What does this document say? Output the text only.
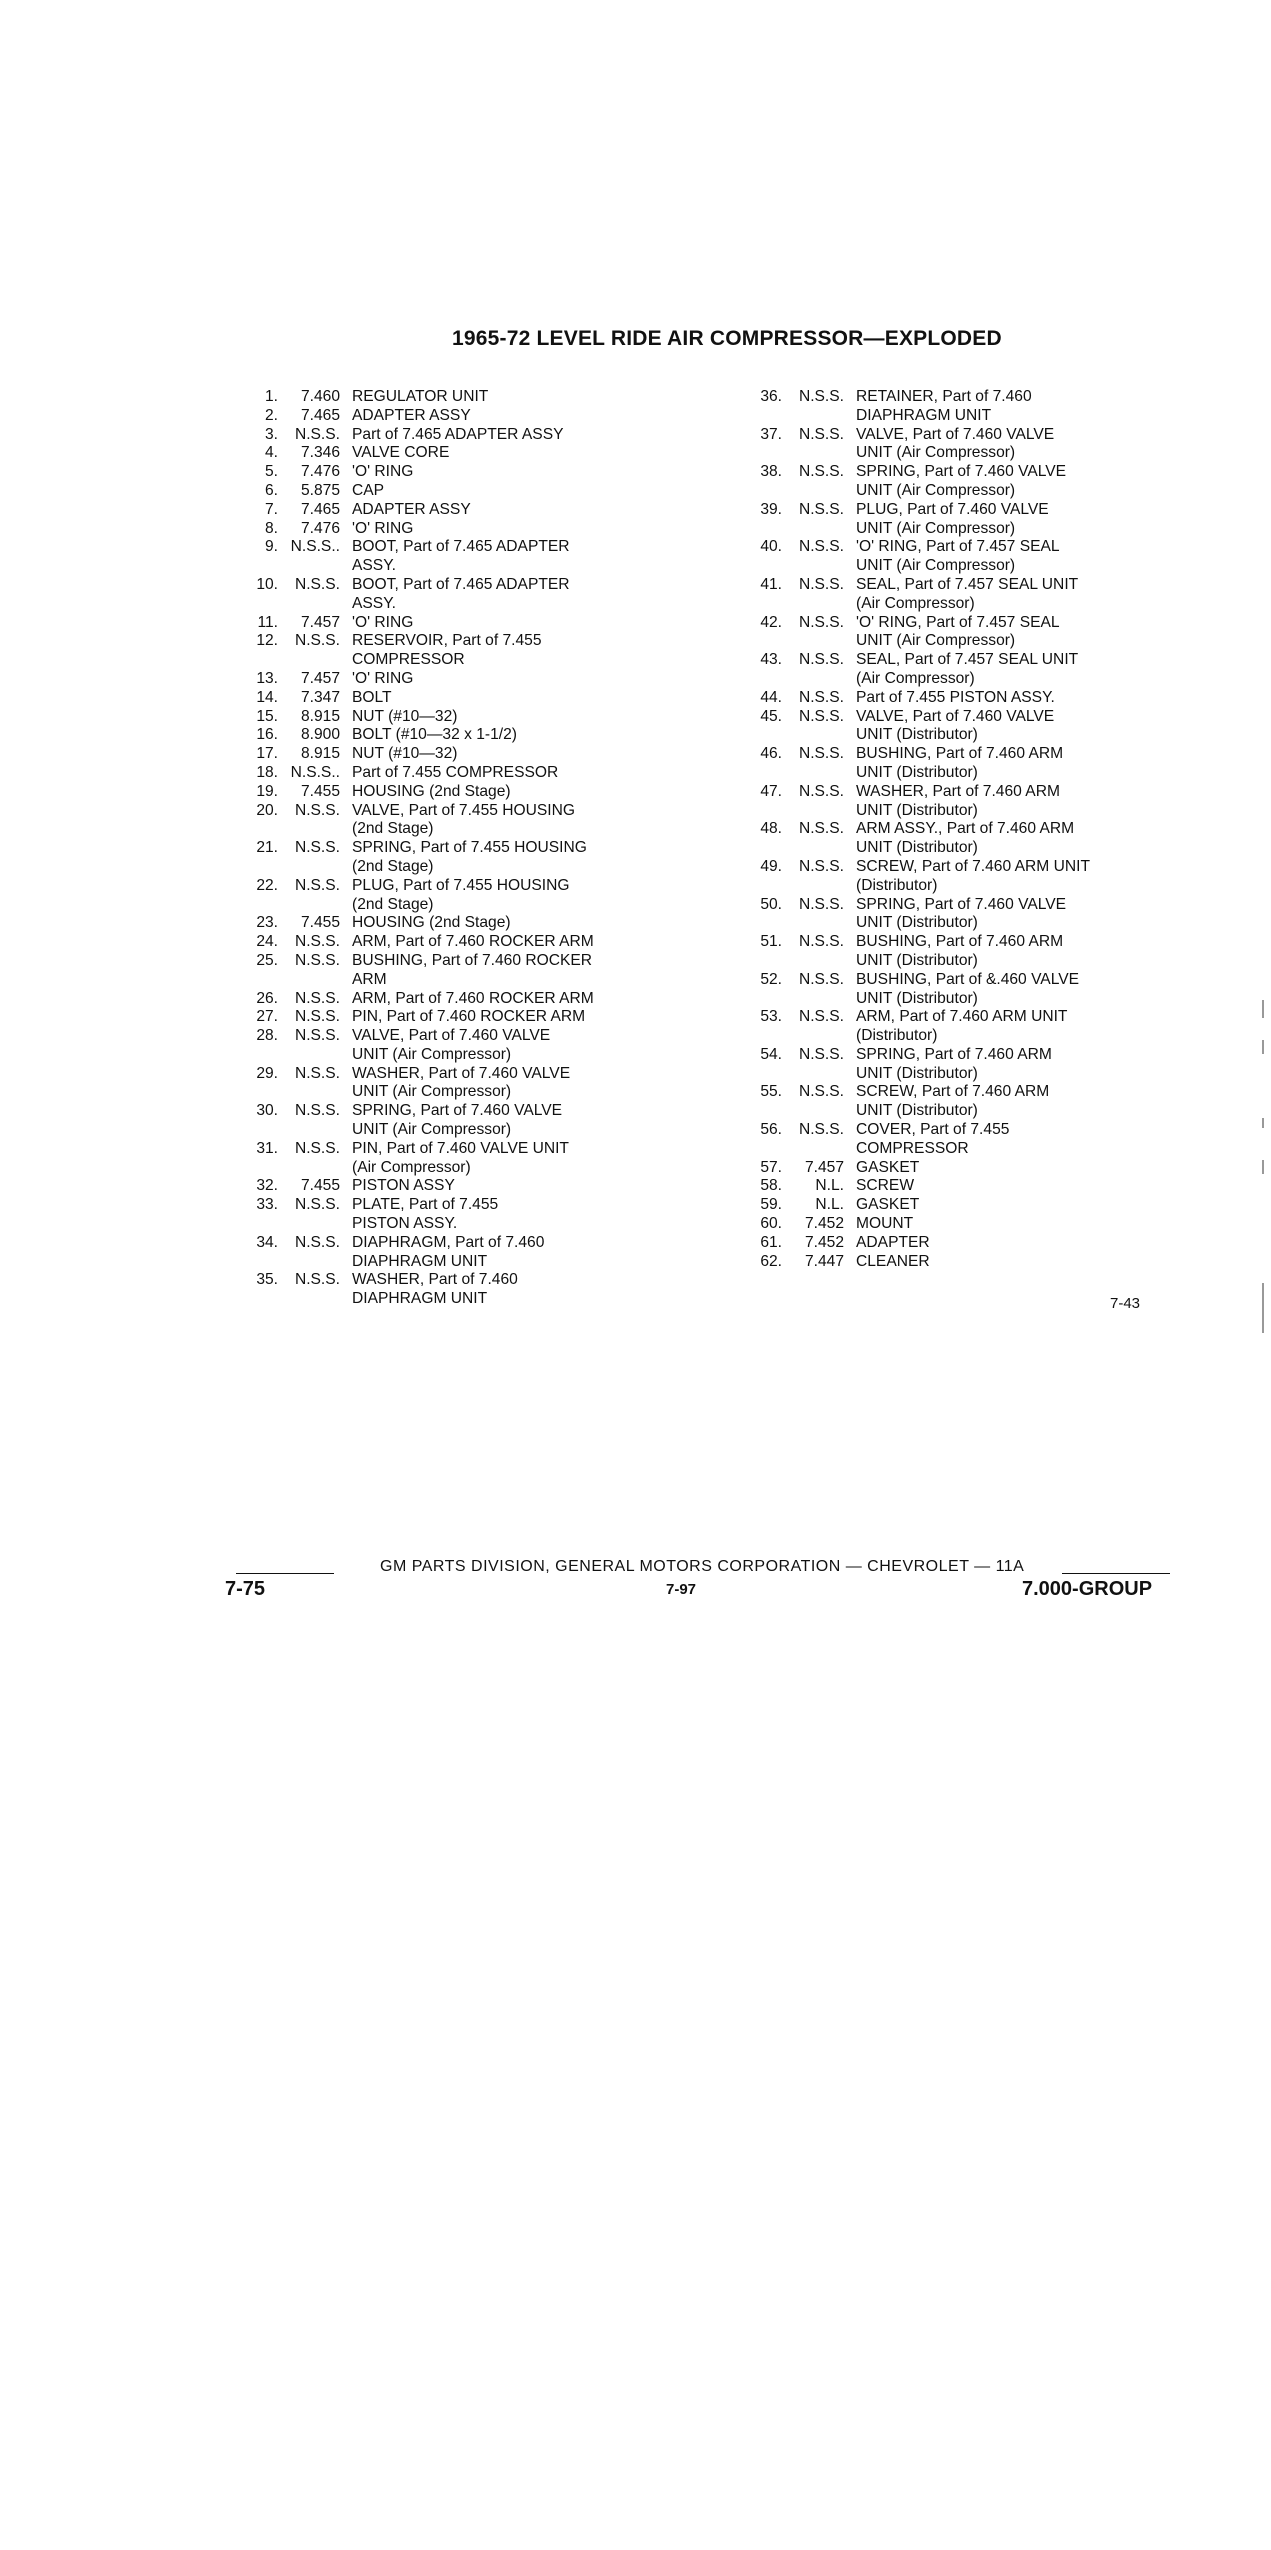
1965-72 LEVEL RIDE AIR COMPRESSOR—EXPLODED
1.	7.460 REGULATOR UNIT
2.	7.465 ADAPTER ASSY
3.	N.S.S. Part of 7.465 ADAPTER ASSY
4.	7.346 VALVE CORE
5.	7.476 'O' RING
6.	5.875 CAP
7.	7.465 ADAPTER ASSY
8.	7.476 'O' RING
9. N.S.S.. BOOT, Part of 7.465 ADAPTER
ASSY.
10.	N.S.S. BOOT, Part of 7.465 ADAPTER
ASSY.
11.	7.457 'O' RING
12.	N.S.S. RESERVOIR, Part of 7.455
COMPRESSOR
13.	7.457 'O' RING
14.	7.347 BOLT
15.	8.915 NUT (#10—32)
16.	8.900 BOLT (#10—32 x 1-1/2)
17.	8.915 NUT (#10—32)
18. N.S.S.. Part of 7.455 COMPRESSOR
19.	7.455 HOUSING (2nd Stage)
20.	N.S.S. VALVE, Part of 7.455 HOUSING
(2nd Stage)
21.	N.S.S. SPRING, Part of 7.455 HOUSING
(2nd Stage)
22.	N.S.S. PLUG, Part of 7.455 HOUSING
(2nd Stage)
23.	7.455 HOUSING (2nd Stage)
24.	N.S.S. ARM, Part of 7.460 ROCKER ARM
25.	N.S.S. BUSHING, Part of 7.460 ROCKER
ARM
26.	N.S.S. ARM, Part of 7.460 ROCKER ARM
27.	N.S.S. PIN, Part of 7.460 ROCKER ARM
28.	N.S.S. VALVE, Part of 7.460 VALVE
UNIT (Air Compressor)
29.	N.S.S. WASHER, Part of 7.460 VALVE
UNIT (Air Compressor)
30.	N.S.S. SPRING, Part of 7.460 VALVE
UNIT (Air Compressor)
31.	N.S.S. PIN, Part of 7.460 VALVE UNIT
(Air Compressor)
32.	7.455 PISTON ASSY
33.	N.S.S. PLATE, Part of 7.455
PISTON ASSY.
34.	N.S.S. DIAPHRAGM, Part of 7.460
DIAPHRAGM UNIT
35.	N.S.S. WASHER, Part of 7.460
DIAPHRAGM UNIT
36.	N.S.S. RETAINER, Part of 7.460
DIAPHRAGM UNIT
37.	N.S.S. VALVE, Part of 7.460 VALVE
UNIT (Air Compressor)
38.	N.S.S. SPRING, Part of 7.460 VALVE
UNIT (Air Compressor)
39.	N.S.S. PLUG, Part of 7.460 VALVE
UNIT (Air Compressor)
40.	N.S.S. 'O' RING, Part of 7.457 SEAL
UNIT (Air Compressor)
41.	N.S.S. SEAL, Part of 7.457 SEAL UNIT
(Air Compressor)
42.	N.S.S. 'O' RING, Part of 7.457 SEAL
UNIT (Air Compressor)
43.	N.S.S. SEAL, Part of 7.457 SEAL UNIT
(Air Compressor)
44.	N.S.S. Part of 7.455 PISTON ASSY.
45.	N.S.S. VALVE, Part of 7.460 VALVE
UNIT (Distributor)
46.	N.S.S. BUSHING, Part of 7.460 ARM
UNIT (Distributor)
47.	N.S.S. WASHER, Part of 7.460 ARM
UNIT (Distributor)
48.	N.S.S. ARM ASSY., Part of 7.460 ARM
UNIT (Distributor)
49.	N.S.S. SCREW, Part of 7.460 ARM UNIT
(Distributor)
50.	N.S.S. SPRING, Part of 7.460 VALVE
UNIT (Distributor)
51.	N.S.S. BUSHING, Part of 7.460 ARM
UNIT (Distributor)
52.	N.S.S. BUSHING, Part of &.460 VALVE
UNIT (Distributor)
53.	N.S.S. ARM, Part of 7.460 ARM UNIT
(Distributor)
54.	N.S.S. SPRING, Part of 7.460 ARM
UNIT (Distributor)
55.	N.S.S. SCREW, Part of 7.460 ARM
UNIT (Distributor)
56.	N.S.S. COVER, Part of 7.455
COMPRESSOR
57.	7.457 GASKET
58.	N.L. SCREW
59.	N.L. GASKET
60.	7.452 MOUNT
61.	7.452 ADAPTER
62.	7.447 CLEANER
7-43
GM PARTS DIVISION, GENERAL MOTORS CORPORATION — CHEVROLET — 11A
7-75	7-97	7.000-GROUP
